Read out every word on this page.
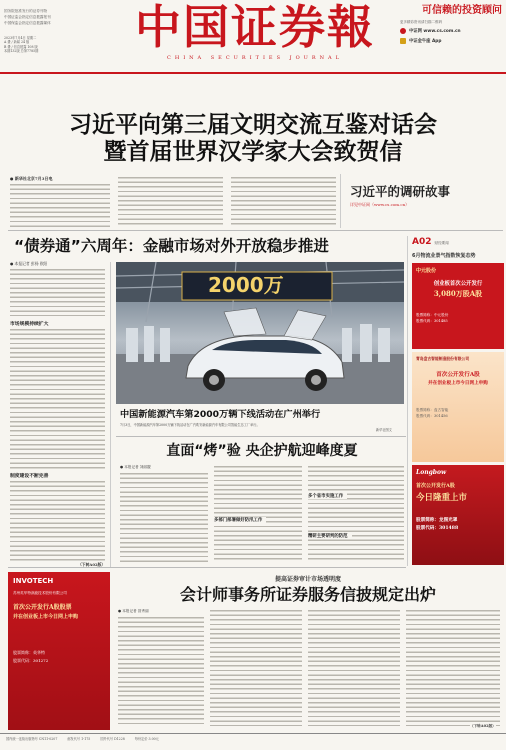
国务院批准发行的证券刊物
中国证监会指定信息披露报刊
中国保监会指定信息披露媒体
2023年7月4日 星期二
A 叠 / 新闻 24 版
B 叠 / 信息披露 108 版
本期132版 总第7785期	中国证券報
CHINA SECURITIES JOURNAL
可信赖的投资顾问
更多精彩资讯请扫描二维码
中证网 www.cs.com.cn
中证金牛座 App
习近平向第三届文明交流互鉴对话会
暨首届世界汉学家大会致贺信
● 新华社北京7月3日电
习近平的调研故事
详见中证网（www.cs.com.cn）
“债券通”六周年：金融市场对外开放稳步推进
● 本报记者 彭扬 欧阳
市场规模持续扩大
制度建设不断完善
（下转A02版）
2000万
中国新能源汽车第2000万辆下线活动在广州举行
7月3日，中国新能源汽车第2000万辆下线活动在广汽埃安新能源汽车有限公司智能生态工厂举行。
新华社图文
直面“烤”验 央企护航迎峰度夏
● 本报记者 刘丽靓
多部门部署做好防汛工作
多个省市实施工作
精研主要研判的防范
A02 财经要闻
6月物流业景气指数恢复态势
中元股份
创业板首次公开发行
3,080万股A股
股票简称：中元股份
股票代码：301485
青岛盘古智能制造股份有限公司
首次公开发行A股
并在创业板上市今日网上申购
股票简称：盘古智能
股票代码：301456
Longbow
首次公开发行A股
今日隆重上市
股票简称：龙图光罩
股票代码：301488
INVOTECH
苏州英华特涡旋技术股份有限公司
首次公开发行A股股票
并在创业板上市今日网上申购
股票简称：英华特
股票代码：301272
提高证券审计市场透明度
会计师事务所证券服务信披规定出炉
● 本报记者 昝秀丽
（下转A02版）
国内统一连续出版物号 CN11-0207	邮发代号 1-175	国外代号 D1228	每份定价 3.00元
